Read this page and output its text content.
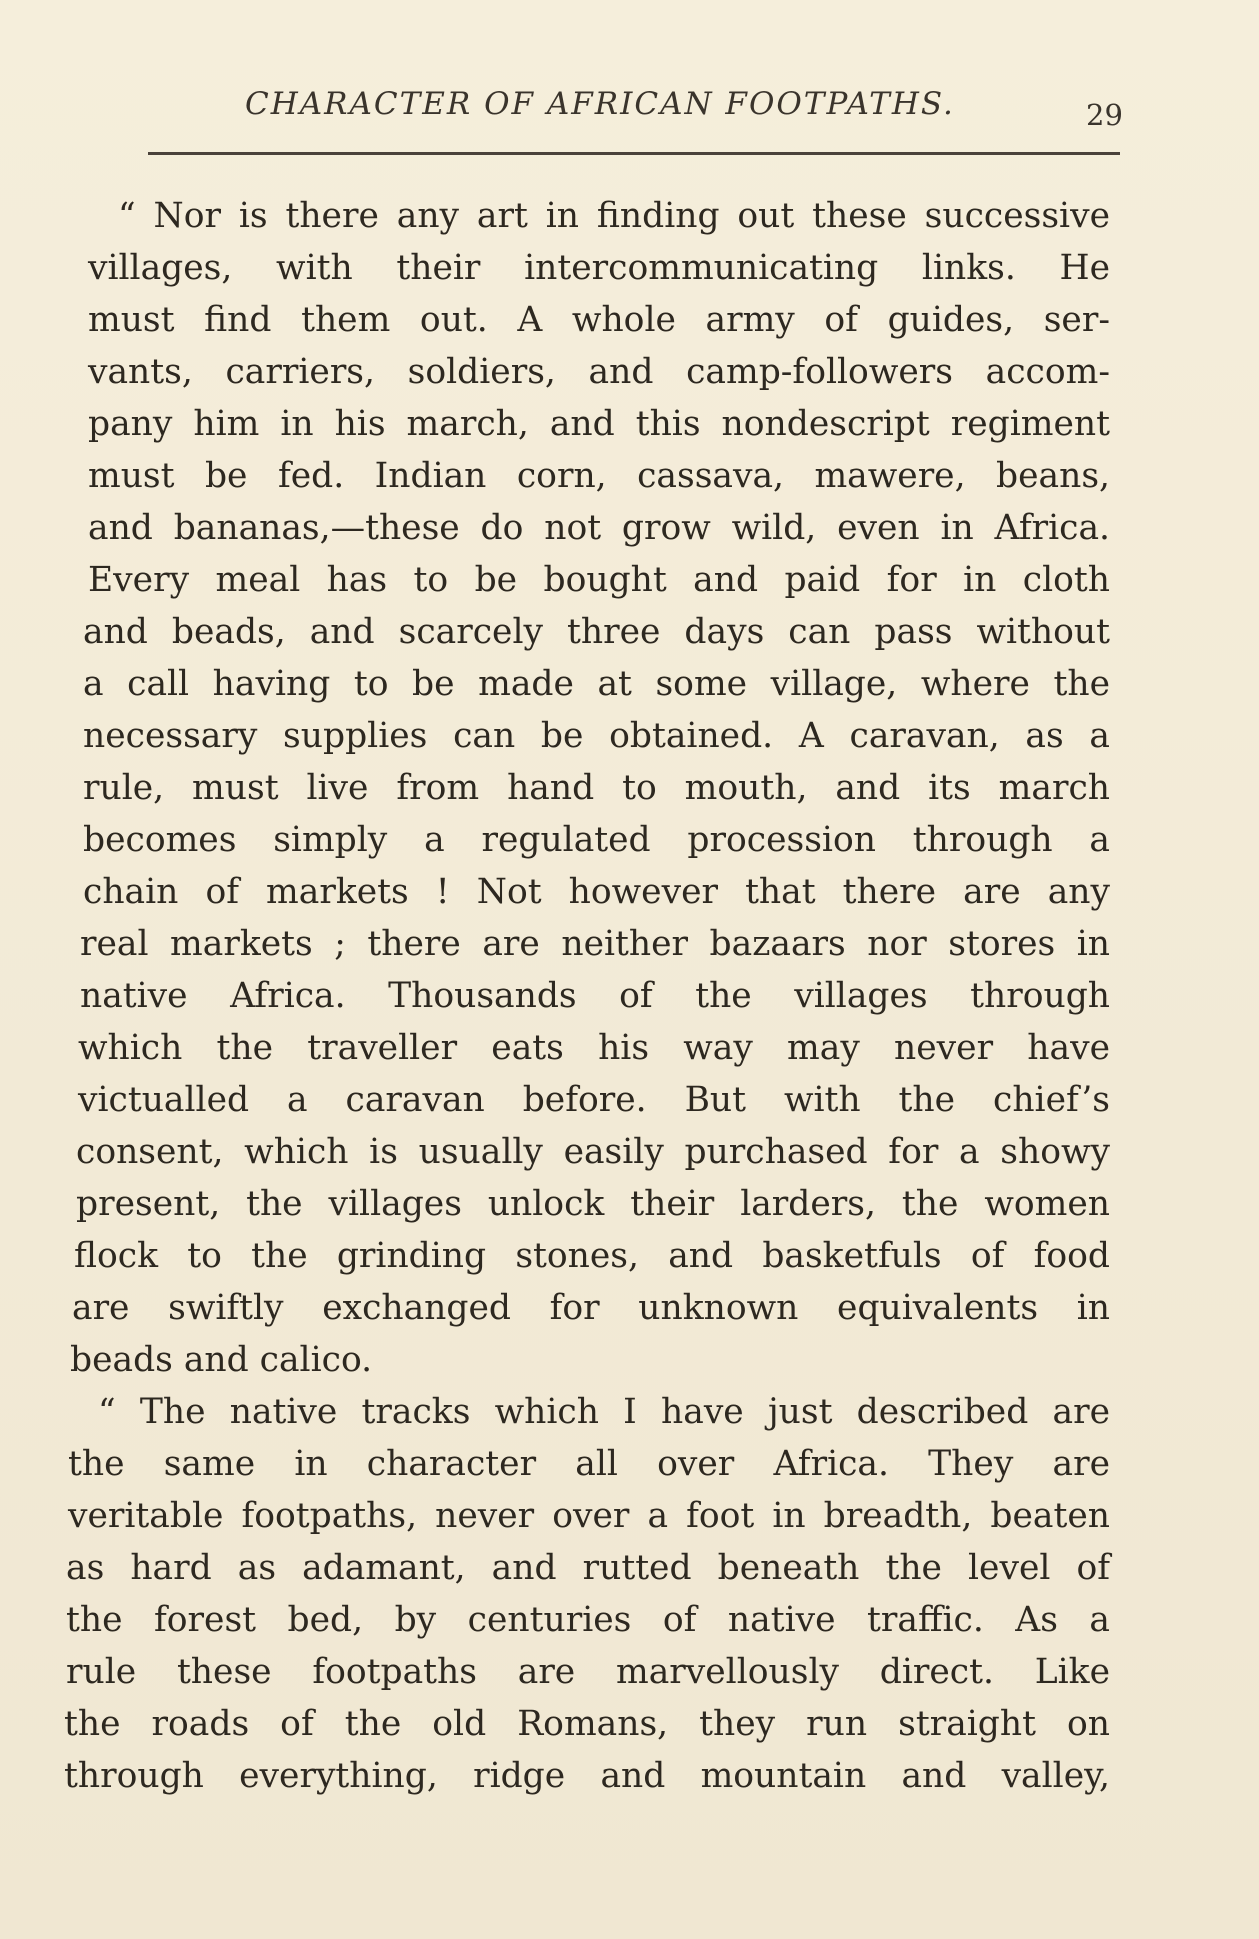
CHARACTER OF AFRICAN FOOTPATHS.	29
“ Nor is there any art in finding out these successive
villages, with their intercommunicating links. He
must find them out. A whole army of guides, ser-
vants, carriers, soldiers, and camp-followers accom-
pany him in his march, and this nondescript regiment
must be fed. Indian corn, cassava, mawere, beans,
and bananas,—these do not grow wild, even in Africa.
Every meal has to be bought and paid for in cloth
and beads, and scarcely three days can pass without
a call having to be made at some village, where the
necessary supplies can be obtained. A caravan, as a
rule, must live from hand to mouth, and its march
becomes simply a regulated procession through a
chain of markets ! Not however that there are any
real markets ; there are neither bazaars nor stores in
native Africa. Thousands of the villages through
which the traveller eats his way may never have
victualled a caravan before. But with the chief’s
consent, which is usually easily purchased for a showy
present, the villages unlock their larders, the women
flock to the grinding stones, and basketfuls of food
are swiftly exchanged for unknown equivalents in
beads and calico.
“ The native tracks which I have just described are
the same in character all over Africa. They are
veritable footpaths, never over a foot in breadth, beaten
as hard as adamant, and rutted beneath the level of
the forest bed, by centuries of native traffic. As a
rule these footpaths are marvellously direct. Like
the roads of the old Romans, they run straight on
through everything, ridge and mountain and valley,
